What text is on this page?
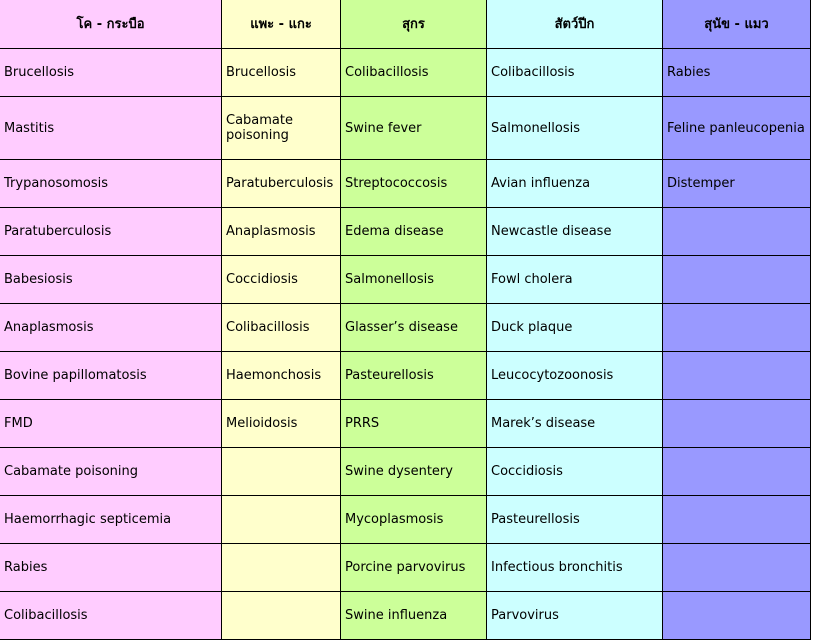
โค - กระบือ	แพะ - แกะ	สุกร	สัตว์ปีก	สุนัข - แมว
Brucellosis	Brucellosis	Colibacillosis	Colibacillosis	Rabies
Mastitis	Cabamate poisoning	Swine fever	Salmonellosis	Feline panleucopenia
Trypanosomosis	Paratuberculosis	Streptococcosis	Avian influenza	Distemper
Paratuberculosis	Anaplasmosis	Edema disease	Newcastle disease	
Babesiosis	Coccidiosis	Salmonellosis	Fowl cholera	
Anaplasmosis	Colibacillosis	Glasser’s disease	Duck plaque	
Bovine papillomatosis	Haemonchosis	Pasteurellosis	Leucocytozoonosis	
FMD	Melioidosis	PRRS	Marek’s disease	
Cabamate poisoning		Swine dysentery	Coccidiosis	
Haemorrhagic septicemia		Mycoplasmosis	Pasteurellosis	
Rabies		Porcine parvovirus	Infectious bronchitis	
Colibacillosis		Swine influenza	Parvovirus	
